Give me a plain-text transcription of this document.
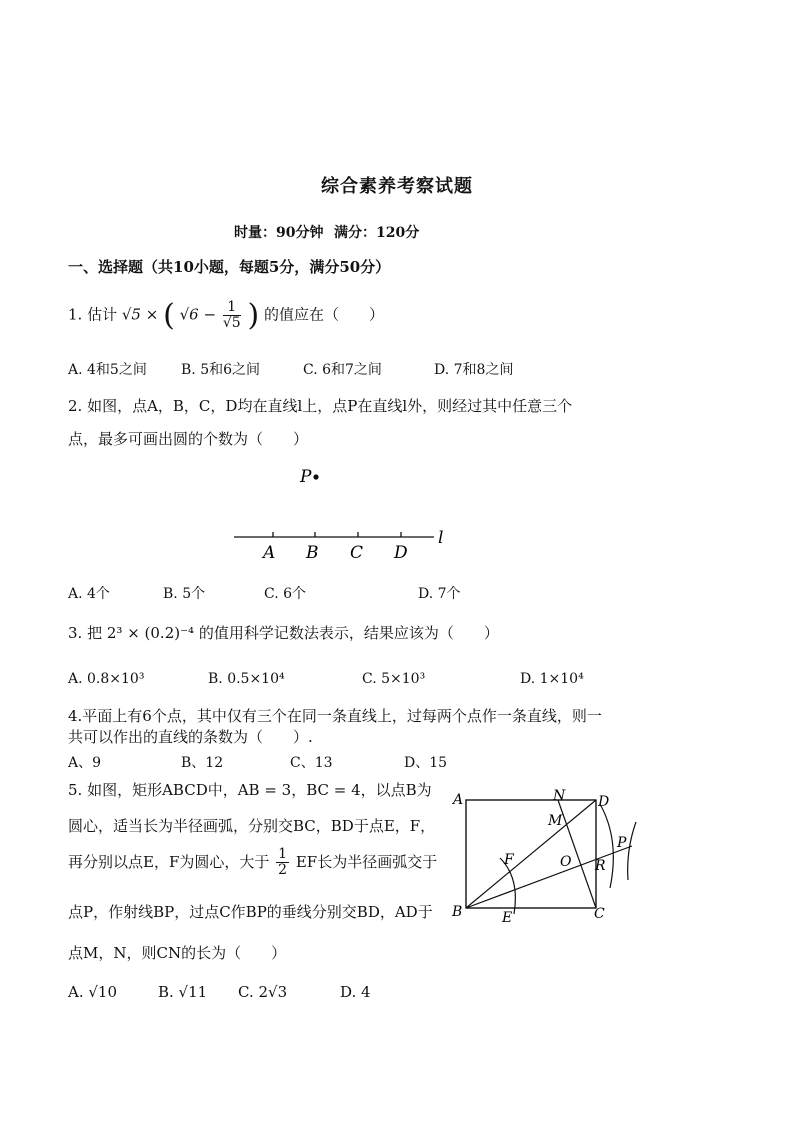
综合素养考察试题
时量：90分钟 满分：120分
一、选择题（共10小题，每题5分，满分50分）
1. 估计 √5 × ( $√6 - \frac{1}{√5}$ ) 的值应在（　　）
A. 4和5之间 B. 5和6之间	C. 6和7之间	D. 7和8之间
2. 如图，点A，B，C，D均在直线l上，点P在直线l外，则经过其中任意三个
点，最多可画出圆的个数为（　　）
P
l
A B C D
A. 4个	B. 5个	C. 6个	D. 7个
3. 把 2³ × (0.2)⁻⁴ 的值用科学记数法表示，结果应该为（　　）
A. 0.8×10³	B. 0.5×10⁴	C. 5×10³	D. 1×10⁴
4.平面上有6个点，其中仅有三个在同一条直线上，过每两个点作一条直线，则一
共可以作出的直线的条数为（　　）.
A、9	B、12	C、13	D、15
5. 如图，矩形ABCD中，AB = 3，BC = 4，以点B为
圆心，适当长为半径画弧，分别交BC，BD于点E，F，
再分别以点E，F为圆心，大于 $\frac{1}{2}$ EF长为半径画弧交于
点P，作射线BP，过点C作BP的垂线分别交BD，AD于
点M，N，则CN的长为（　　）
A	N D
M
P
F	O R
B	E	C
A. √10	B. √11 C. 2√3	D. 4
